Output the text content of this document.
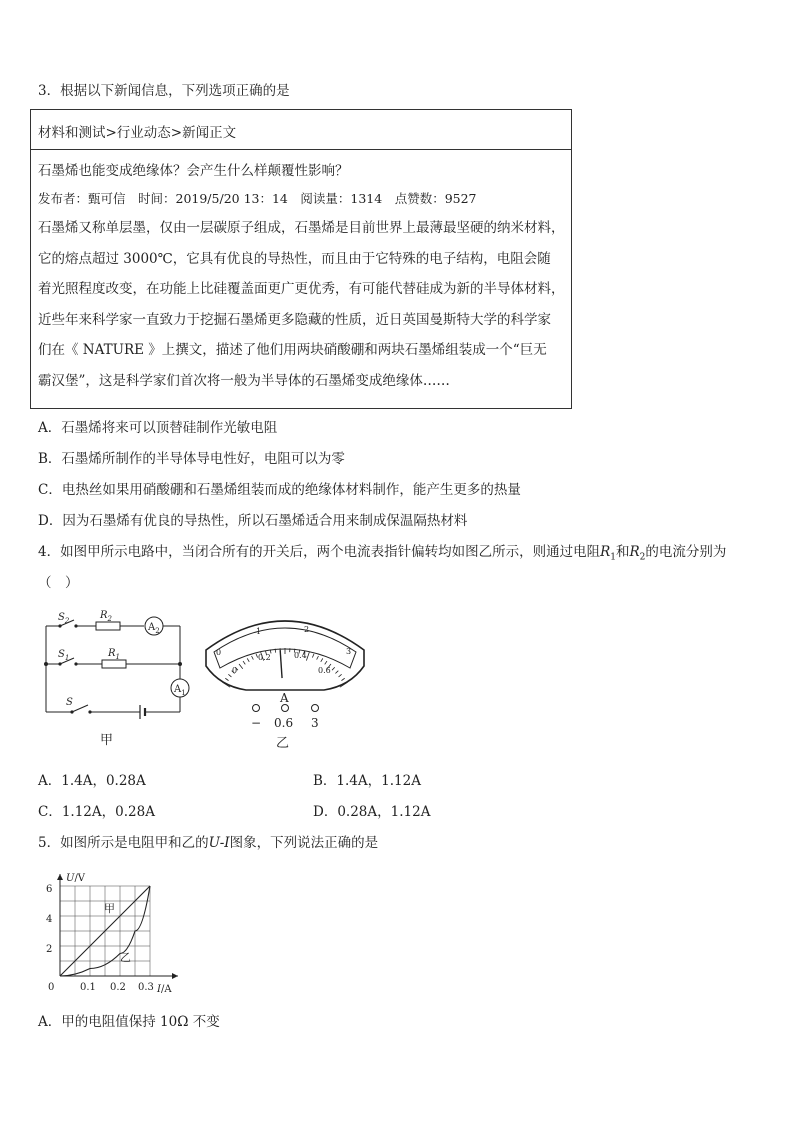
3．根据以下新闻信息，下列选项正确的是
材料和测试>行业动态>新闻正文
石墨烯也能变成绝缘体？会产生什么样颠覆性影响？
发布者：甄可信　时间：2019/5/20 13：14　阅读量：1314　点赞数：9527
石墨烯又称单层墨，仅由一层碳原子组成，石墨烯是目前世界上最薄最坚硬的纳米材料，
它的熔点超过 3000℃，它具有优良的导热性，而且由于它特殊的电子结构，电阻会随
着光照程度改变，在功能上比硅覆盖面更广更优秀，有可能代替硅成为新的半导体材料，
近些年来科学家一直致力于挖掘石墨烯更多隐藏的性质，近日英国曼斯特大学的科学家
们在《 NATURE 》上撰文，描述了他们用两块硝酸硼和两块石墨烯组装成一个“巨无
霸汉堡”，这是科学家们首次将一般为半导体的石墨烯变成绝缘体……
A．石墨烯将来可以顶替硅制作光敏电阻
B．石墨烯所制作的半导体导电性好，电阻可以为零
C．电热丝如果用硝酸硼和石墨烯组装而成的绝缘体材料制作，能产生更多的热量
D．因为石墨烯有优良的导热性，所以石墨烯适合用来制成保温隔热材料
4．如图甲所示电路中，当闭合所有的开关后，两个电流表指针偏转均如图乙所示，则通过电阻$R_1$和$R_2$的电流分别为
（　）
$S_2$	$R_2$
$A_2$
$S_1$	$R_1$
$A_1$
S
甲
0
1	2
3
0
0.2	0.4
0.6
A
− 0.6 3
乙
A．1.4A，0.28A	B．1.4A，1.12A
C．1.12A，0.28A	D．0.28A，1.12A
5．如图所示是电阻甲和乙的U-I图象，下列说法正确的是
U/V
I/A
2
4
6
0	0.1 0.2 0.3
甲
乙
A．甲的电阻值保持 10Ω 不变
